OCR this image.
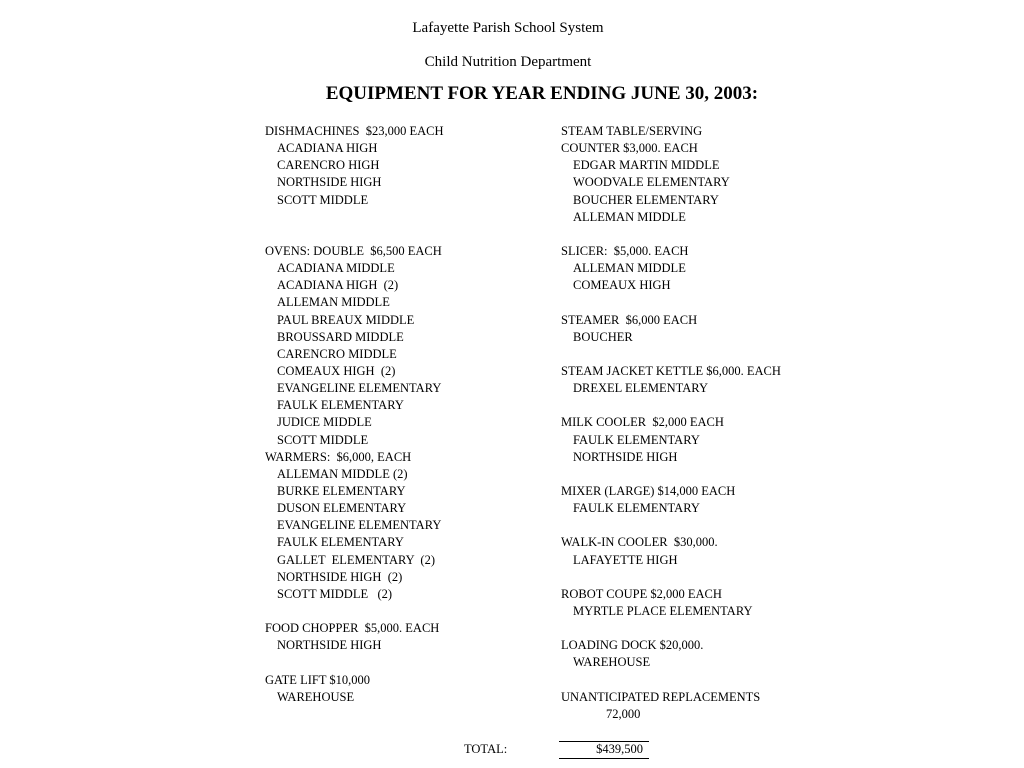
Lafayette Parish School System
Child Nutrition Department
EQUIPMENT FOR YEAR ENDING JUNE 30, 2003:
DISHMACHINES  $23,000 EACH
ACADIANA HIGH
CARENCRO HIGH
NORTHSIDE HIGH
SCOTT MIDDLE
OVENS: DOUBLE  $6,500 EACH
ACADIANA MIDDLE
ACADIANA HIGH  (2)
ALLEMAN MIDDLE
PAUL BREAUX MIDDLE
BROUSSARD MIDDLE
CARENCRO MIDDLE
COMEAUX HIGH  (2)
EVANGELINE ELEMENTARY
FAULK ELEMENTARY
JUDICE MIDDLE
SCOTT MIDDLE
WARMERS:  $6,000, EACH
ALLEMAN MIDDLE (2)
BURKE ELEMENTARY
DUSON ELEMENTARY
EVANGELINE ELEMENTARY
FAULK ELEMENTARY
GALLET  ELEMENTARY  (2)
NORTHSIDE HIGH  (2)
SCOTT MIDDLE   (2)
FOOD CHOPPER  $5,000. EACH
NORTHSIDE HIGH
GATE LIFT $10,000
WAREHOUSE
STEAM TABLE/SERVING
COUNTER $3,000. EACH
EDGAR MARTIN MIDDLE
WOODVALE ELEMENTARY
BOUCHER ELEMENTARY
ALLEMAN MIDDLE
SLICER:  $5,000. EACH
ALLEMAN MIDDLE
COMEAUX HIGH
STEAMER  $6,000 EACH
BOUCHER
STEAM JACKET KETTLE $6,000. EACH
DREXEL ELEMENTARY
MILK COOLER  $2,000 EACH
FAULK ELEMENTARY
NORTHSIDE HIGH
MIXER (LARGE) $14,000 EACH
FAULK ELEMENTARY
WALK-IN COOLER  $30,000.
LAFAYETTE HIGH
ROBOT COUPE $2,000 EACH
MYRTLE PLACE ELEMENTARY
LOADING DOCK $20,000.
WAREHOUSE
UNANTICIPATED REPLACEMENTS
72,000
TOTAL:	$439,500
